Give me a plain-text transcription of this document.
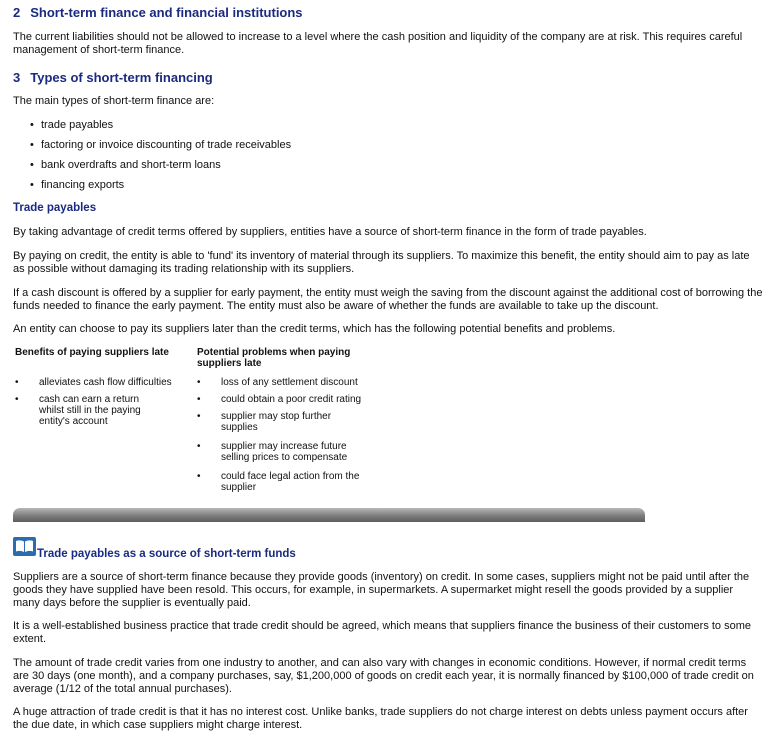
2 Short-term finance and financial institutions

The current liabilities should not be allowed to increase to a level where the cash position and liquidity of the company are at risk. This requires careful management of short-term finance.

3 Types of short-term financing

The main types of short-term finance are:

• trade payables
• factoring or invoice discounting of trade receivables
• bank overdrafts and short-term loans
• financing exports
Trade payables

By taking advantage of credit terms offered by suppliers, entities have a source of short-term finance in the form of trade payables.

By paying on credit, the entity is able to 'fund' its inventory of material through its suppliers. To maximize this benefit, the entity should aim to pay as late as possible without damaging its trading relationship with its suppliers.

If a cash discount is offered by a supplier for early payment, the entity must weigh the saving from the discount against the additional cost of borrowing the funds needed to finance the early payment. The entity must also be aware of whether the funds are available to take up the discount.

An entity can choose to pay its suppliers later than the credit terms, which has the following potential benefits and problems.

Benefits of paying suppliers late	Potential problems when paying suppliers late
• alleviates cash flow difficulties
• cash can earn a return whilst still in the paying entity's account
• loss of any settlement discount
• could obtain a poor credit rating
• supplier may stop further supplies
• supplier may increase future selling prices to compensate
• could face legal action from the supplier
Trade payables as a source of short-term funds

Suppliers are a source of short-term finance because they provide goods (inventory) on credit. In some cases, suppliers might not be paid until after the goods they have supplied have been resold. This occurs, for example, in supermarkets. A supermarket might resell the goods provided by a supplier many days before the supplier is eventually paid.

It is a well-established business practice that trade credit should be agreed, which means that suppliers finance the business of their customers to some extent.

The amount of trade credit varies from one industry to another, and can also vary with changes in economic conditions. However, if normal credit terms are 30 days (one month), and a company purchases, say, $1,200,000 of goods on credit each year, it is normally financed by $100,000 of trade credit on average (1/12 of the total annual purchases).

A huge attraction of trade credit is that it has no interest cost. Unlike banks, trade suppliers do not charge interest on debts unless payment occurs after the due date, in which case suppliers might charge interest.
